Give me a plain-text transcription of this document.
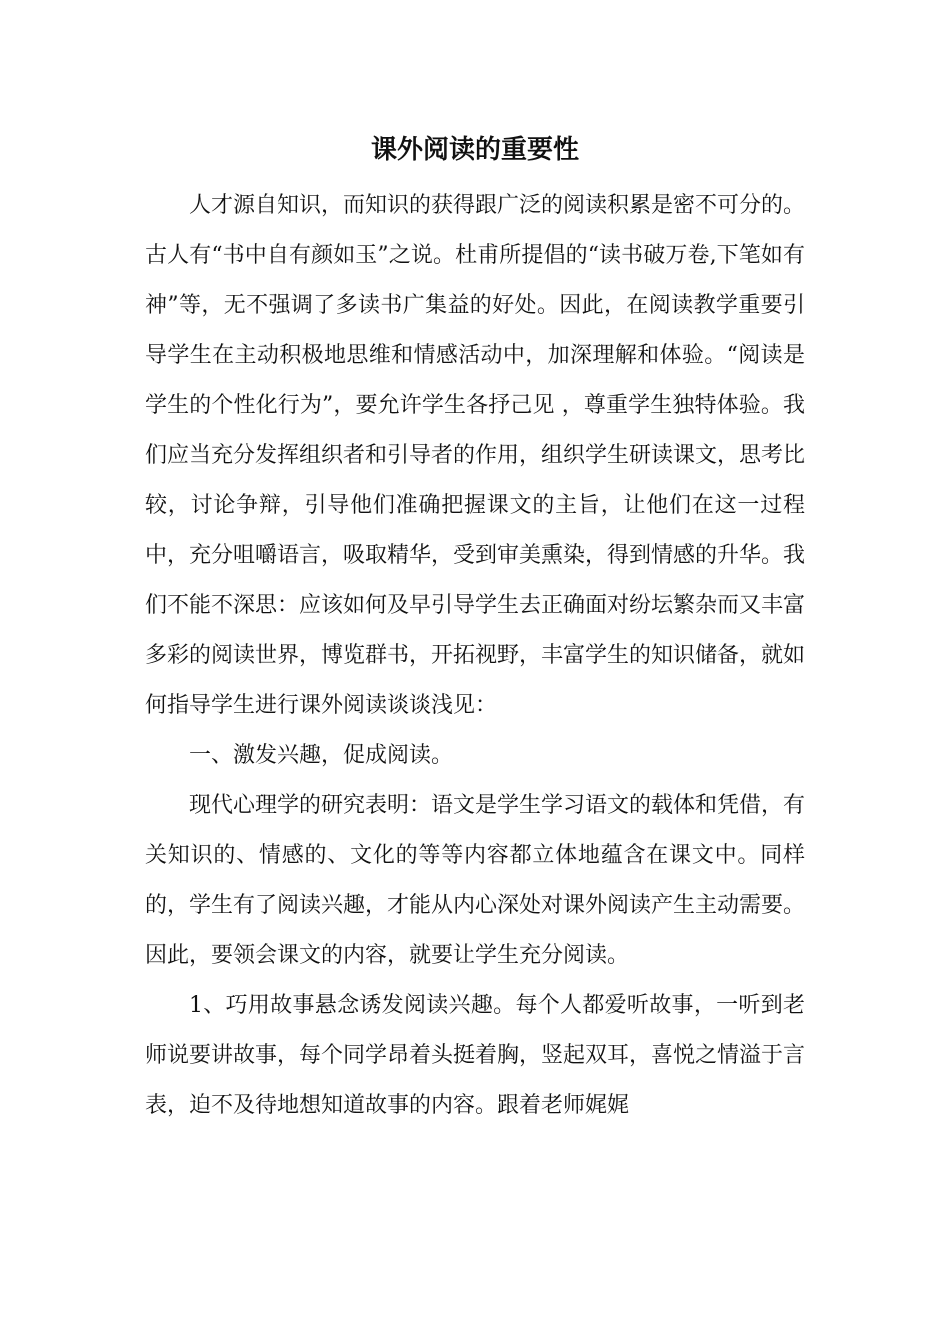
课外阅读的重要性

人才源自知识，而知识的获得跟广泛的阅读积累是密不可分的。古人有“书中自有颜如玉”之说。杜甫所提倡的“读书破万卷,下笔如有神”等，无不强调了多读书广集益的好处。因此，在阅读教学重要引导学生在主动积极地思维和情感活动中，加深理解和体验。“阅读是学生的个性化行为”，要允许学生各抒己见 ，尊重学生独特体验。我们应当充分发挥组织者和引导者的作用，组织学生研读课文，思考比较，讨论争辩，引导他们准确把握课文的主旨，让他们在这一过程中，充分咀嚼语言，吸取精华，受到审美熏染，得到情感的升华。我们不能不深思：应该如何及早引导学生去正确面对纷坛繁杂而又丰富多彩的阅读世界，博览群书，开拓视野，丰富学生的知识储备，就如何指导学生进行课外阅读谈谈浅见：

一、激发兴趣，促成阅读。

现代心理学的研究表明：语文是学生学习语文的载体和凭借，有关知识的、情感的、文化的等等内容都立体地蕴含在课文中。同样的，学生有了阅读兴趣，才能从内心深处对课外阅读产生主动需要。因此，要领会课文的内容，就要让学生充分阅读。

1、巧用故事悬念诱发阅读兴趣。每个人都爱听故事，一听到老师说要讲故事，每个同学昂着头挺着胸，竖起双耳，喜悦之情溢于言表，迫不及待地想知道故事的内容。跟着老师娓娓
